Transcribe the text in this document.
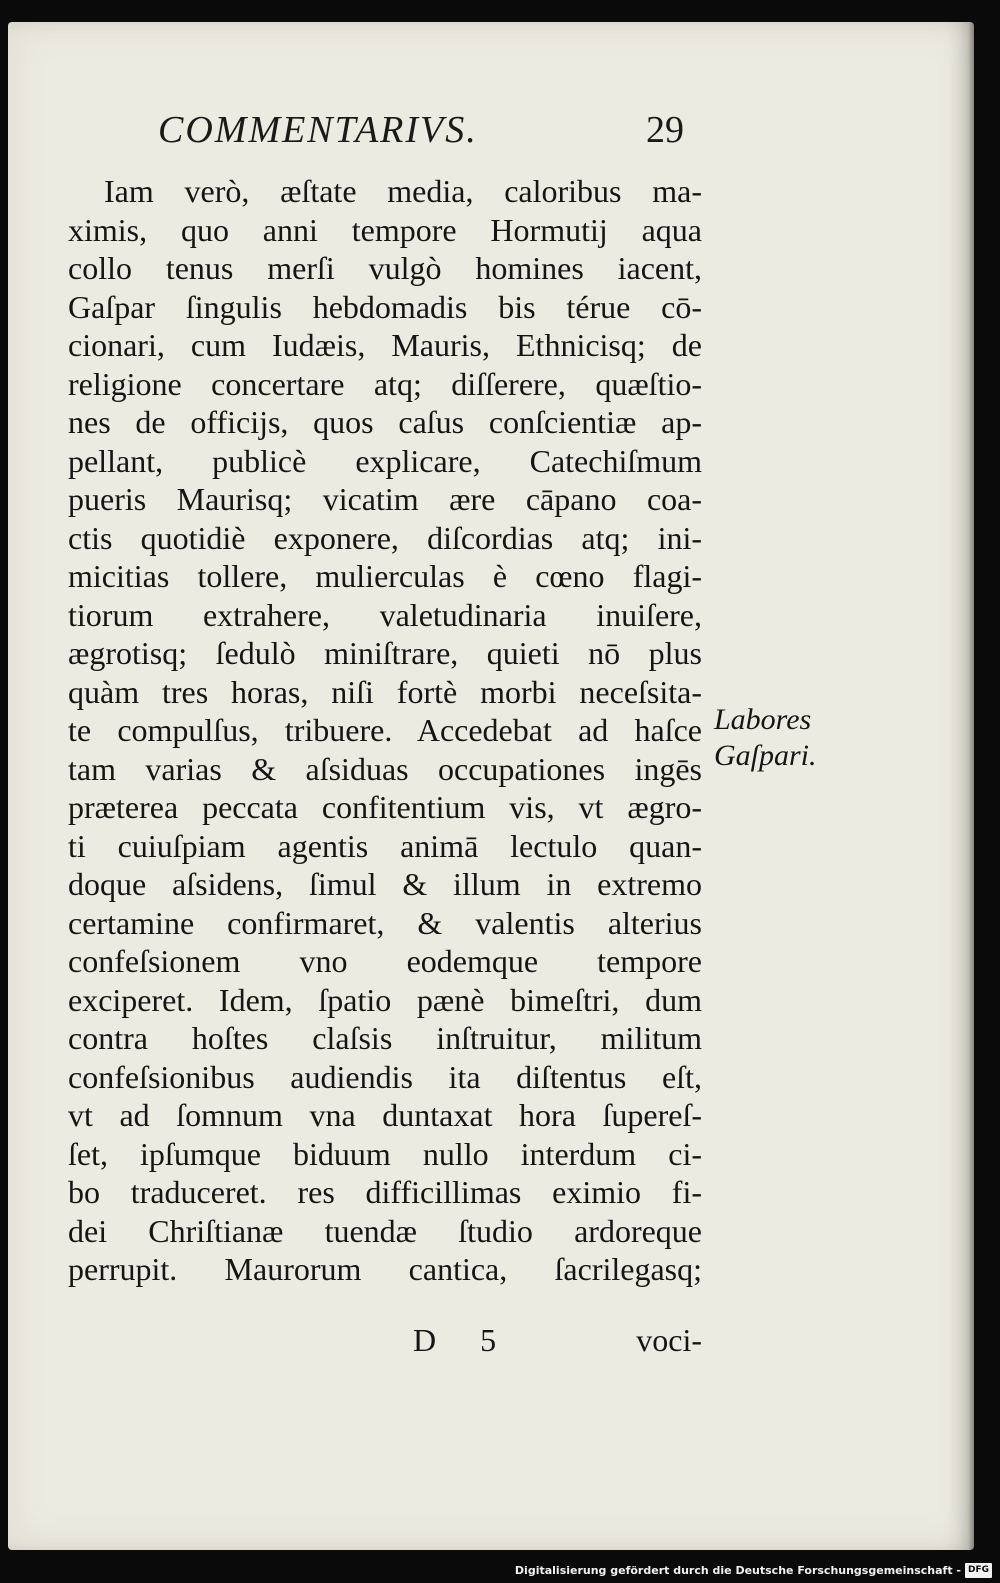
COMMENTARIVS.	29
Iam verò, æſtate media, caloribus ma-
ximis, quo anni tempore Hormutij aqua
collo tenus merſi vulgò homines iacent,
Gaſpar ſingulis hebdomadis bis térue cō-
cionari, cum Iudæis, Mauris, Ethnicisq; de
religione concertare atq; diſſerere, quæſtio-
nes de officijs, quos caſus conſcientiæ ap-
pellant, publicè explicare, Catechiſmum
pueris Maurisq; vicatim ære cāpano coa-
ctis quotidiè exponere, diſcordias atq; ini-
micitias tollere, mulierculas è cœno flagi-
tiorum extrahere, valetudinaria inuiſere,
ægrotisq; ſedulò miniſtrare, quieti nō plus
quàm tres horas, niſi fortè morbi neceſsita-
te compulſus, tribuere. Accedebat ad haſce
tam varias & aſsiduas occupationes ingēs
præterea peccata confitentium vis, vt ægro-
ti cuiuſpiam agentis animā lectulo quan-
doque aſsidens, ſimul & illum in extremo
certamine confirmaret, & valentis alterius
confeſsionem vno eodemque tempore
exciperet. Idem, ſpatio pænè bimeſtri, dum
contra hoſtes claſsis inſtruitur, militum
confeſsionibus audiendis ita diſtentus eſt,
vt ad ſomnum vna duntaxat hora ſupereſ-
ſet, ipſumque biduum nullo interdum ci-
bo traduceret. res difficillimas eximio fi-
dei Chriſtianæ tuendæ ſtudio ardoreque
perrupit. Maurorum cantica, ſacrilegasq;
Labores
Gaſpari.
D 5	voci-
Digitalisierung gefördert durch die Deutsche Forschungsgemeinschaft - DFG
